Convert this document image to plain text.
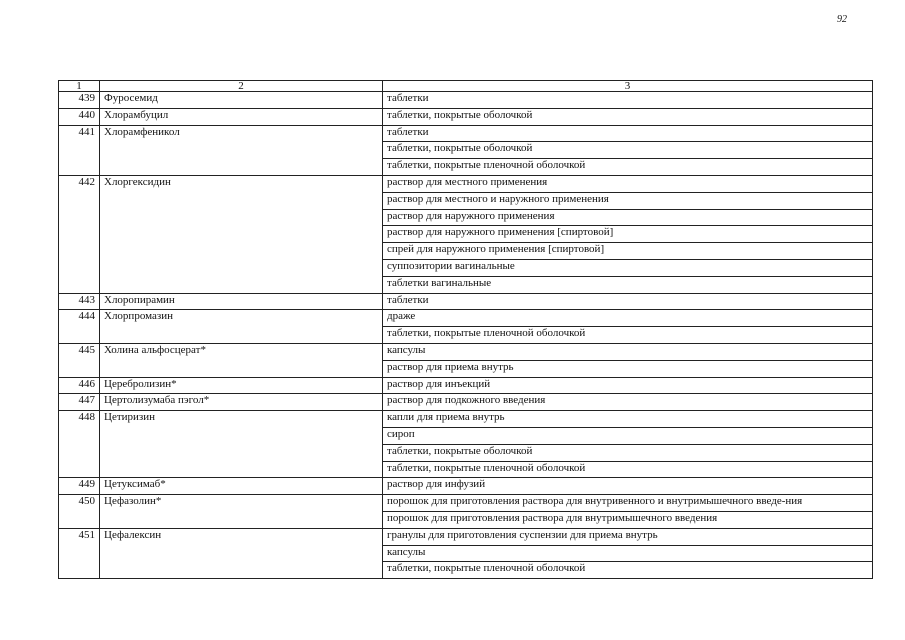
92
1	2	3
439	Фуросемид	таблетки
440	Хлорамбуцил	таблетки, покрытые оболочкой
441	Хлорамфеникол	таблетки
		таблетки, покрытые оболочкой
		таблетки, покрытые пленочной оболочкой
442	Хлоргексидин	раствор для местного применения
		раствор для местного и наружного применения
		раствор для наружного применения
		раствор для наружного применения [спиртовой]
		спрей для наружного применения [спиртовой]
		суппозитории вагинальные
		таблетки вагинальные
443	Хлоропирамин	таблетки
444	Хлорпромазин	драже
		таблетки, покрытые пленочной оболочкой
445	Холина альфосцерат*	капсулы
		раствор для приема внутрь
446	Церебролизин*	раствор для инъекций
447	Цертолизумаба пэгол*	раствор для подкожного введения
448	Цетиризин	капли для приема внутрь
		сироп
		таблетки, покрытые оболочкой
		таблетки, покрытые пленочной оболочкой
449	Цетуксимаб*	раствор для инфузий
450	Цефазолин*	порошок для приготовления раствора для внутривенного и внутримышечного введе-ния
		порошок для приготовления раствора для внутримышечного введения
451	Цефалексин	гранулы для приготовления суспензии для приема внутрь
		капсулы
		таблетки, покрытые пленочной оболочкой
